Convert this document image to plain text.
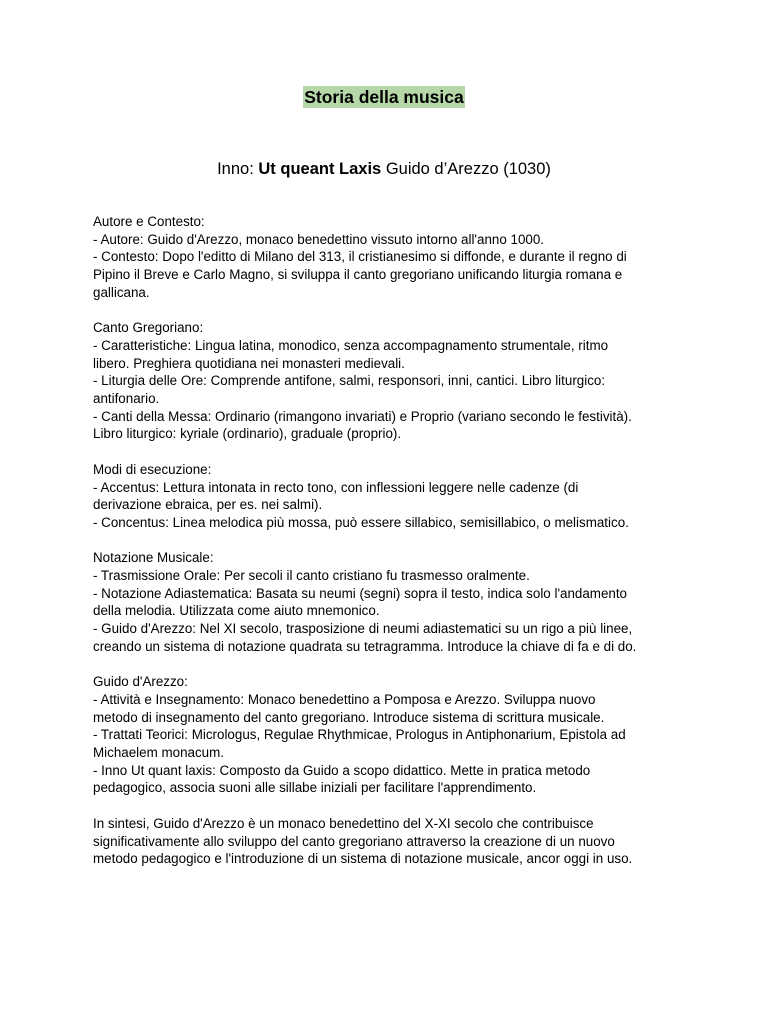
Storia della musica
Inno: Ut queant Laxis Guido d’Arezzo (1030)
Autore e Contesto:
- Autore: Guido d'Arezzo, monaco benedettino vissuto intorno all'anno 1000.
- Contesto: Dopo l'editto di Milano del 313, il cristianesimo si diffonde, e durante il regno di
Pipino il Breve e Carlo Magno, si sviluppa il canto gregoriano unificando liturgia romana e
gallicana.
Canto Gregoriano:
- Caratteristiche: Lingua latina, monodico, senza accompagnamento strumentale, ritmo
libero. Preghiera quotidiana nei monasteri medievali.
- Liturgia delle Ore: Comprende antifone, salmi, responsori, inni, cantici. Libro liturgico:
antifonario.
- Canti della Messa: Ordinario (rimangono invariati) e Proprio (variano secondo le festività).
Libro liturgico: kyriale (ordinario), graduale (proprio).
Modi di esecuzione:
- Accentus: Lettura intonata in recto tono, con inflessioni leggere nelle cadenze (di
derivazione ebraica, per es. nei salmi).
- Concentus: Linea melodica più mossa, può essere sillabico, semisillabico, o melismatico.
Notazione Musicale:
- Trasmissione Orale: Per secoli il canto cristiano fu trasmesso oralmente.
- Notazione Adiastematica: Basata su neumi (segni) sopra il testo, indica solo l'andamento
della melodia. Utilizzata come aiuto mnemonico.
- Guido d'Arezzo: Nel XI secolo, trasposizione di neumi adiastematici su un rigo a più linee,
creando un sistema di notazione quadrata su tetragramma. Introduce la chiave di fa e di do.
Guido d'Arezzo:
- Attività e Insegnamento: Monaco benedettino a Pomposa e Arezzo. Sviluppa nuovo
metodo di insegnamento del canto gregoriano. Introduce sistema di scrittura musicale.
- Trattati Teorici: Micrologus, Regulae Rhythmicae, Prologus in Antiphonarium, Epistola ad
Michaelem monacum.
- Inno Ut quant laxis: Composto da Guido a scopo didattico. Mette in pratica metodo
pedagogico, associa suoni alle sillabe iniziali per facilitare l'apprendimento.
In sintesi, Guido d'Arezzo è un monaco benedettino del X-XI secolo che contribuisce
significativamente allo sviluppo del canto gregoriano attraverso la creazione di un nuovo
metodo pedagogico e l'introduzione di un sistema di notazione musicale, ancor oggi in uso.
